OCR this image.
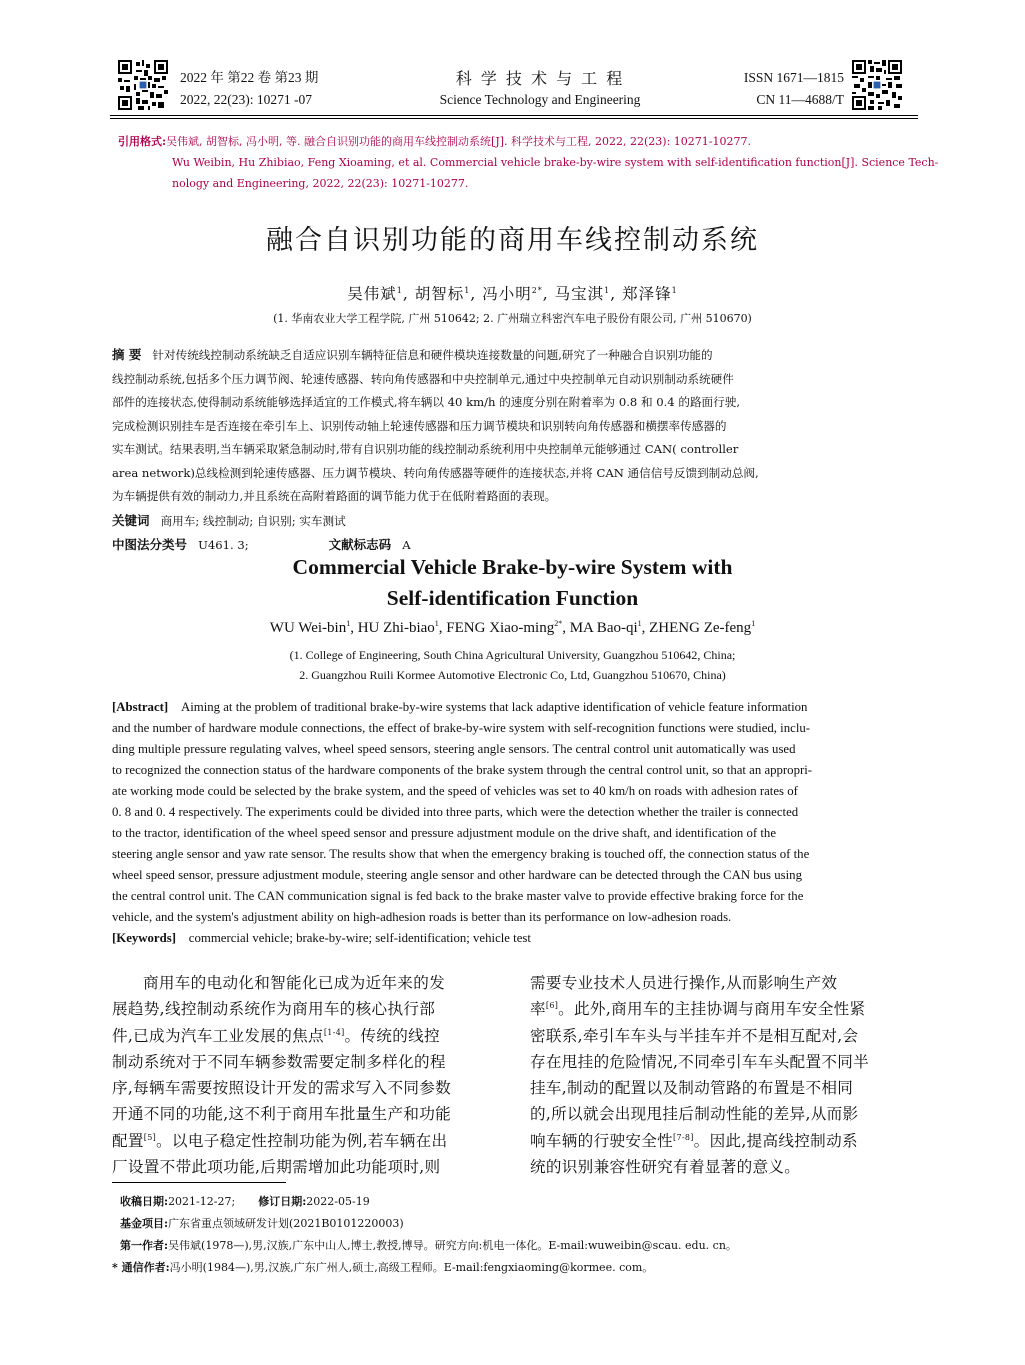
2022 年 第22 卷 第23 期
2022, 22(23): 10271 -07
科 学 技 术 与 工 程
Science Technology and Engineering
ISSN 1671—1815
CN 11—4688/T
引用格式:吴伟斌, 胡智标, 冯小明, 等. 融合自识别功能的商用车线控制动系统[J]. 科学技术与工程, 2022, 22(23): 10271-10277.
Wu Weibin, Hu Zhibiao, Feng Xioaming, et al. Commercial vehicle brake-by-wire system with self-identification function[J]. Science Tech-
nology and Engineering, 2022, 22(23): 10271-10277.
融合自识别功能的商用车线控制动系统
吴伟斌$^1$, 胡智标$^1$, 冯小明$^{2*}$, 马宝淇$^1$, 郑泽锋$^1$
(1. 华南农业大学工程学院, 广州 510642; 2. 广州瑞立科密汽车电子股份有限公司, 广州 510670)
摘 要 针对传统线控制动系统缺乏自适应识别车辆特征信息和硬件模块连接数量的问题,研究了一种融合自识别功能的
线控制动系统,包括多个压力调节阀、轮速传感器、转向角传感器和中央控制单元,通过中央控制单元自动识别制动系统硬件
部件的连接状态,使得制动系统能够选择适宜的工作模式,将车辆以 40 km/h 的速度分别在附着率为 0.8 和 0.4 的路面行驶,
完成检测识别挂车是否连接在牵引车上、识别传动轴上轮速传感器和压力调节模块和识别转向角传感器和横摆率传感器的
实车测试。结果表明,当车辆采取紧急制动时,带有自识别功能的线控制动系统利用中央控制单元能够通过 CAN( controller
area network)总线检测到轮速传感器、压力调节模块、转向角传感器等硬件的连接状态,并将 CAN 通信信号反馈到制动总阀,
为车辆提供有效的制动力,并且系统在高附着路面的调节能力优于在低附着路面的表现。
关键词 商用车; 线控制动; 自识别; 实车测试
中图法分类号 U461. 3;	文献标志码 A
Commercial Vehicle Brake-by-wire System with
Self-identification Function
WU Wei-bin$^1$, HU Zhi-biao$^1$, FENG Xiao-ming$^{2*}$, MA Bao-$qi^1$, ZHENG Ze-feng$^1$
(1. College of Engineering, South China Agricultural University, Guangzhou 510642, China;
2. Guangzhou Ruili Kormee Automotive Electronic Co, Ltd, Guangzhou 510670, China)
[Abstract] Aiming at the problem of traditional brake-by-wire systems that lack adaptive identification of vehicle feature information
and the number of hardware module connections, the effect of brake-by-wire system with self-recognition functions were studied, inclu-
ding multiple pressure regulating valves, wheel speed sensors, steering angle sensors. The central control unit automatically was used
to recognized the connection status of the hardware components of the brake system through the central control unit, so that an appropri-
ate working mode could be selected by the brake system, and the speed of vehicles was set to 40 km/h on roads with adhesion rates of
0. 8 and 0. 4 respectively. The experiments could be divided into three parts, which were the detection whether the trailer is connected
to the tractor, identification of the wheel speed sensor and pressure adjustment module on the drive shaft, and identification of the
steering angle sensor and yaw rate sensor. The results show that when the emergency braking is touched off, the connection status of the
wheel speed sensor, pressure adjustment module, steering angle sensor and other hardware can be detected through the CAN bus using
the central control unit. The CAN communication signal is fed back to the brake master valve to provide effective braking force for the
vehicle, and the system's adjustment ability on high-adhesion roads is better than its performance on low-adhesion roads.
[Keywords] commercial vehicle; brake-by-wire; self-identification; vehicle test
商用车的电动化和智能化已成为近年来的发
展趋势,线控制动系统作为商用车的核心执行部
件,已成为汽车工业发展的焦点[1-4]。传统的线控
制动系统对于不同车辆参数需要定制多样化的程
序,每辆车需要按照设计开发的需求写入不同参数
开通不同的功能,这不利于商用车批量生产和功能
配置[5]。以电子稳定性控制功能为例,若车辆在出
厂设置不带此项功能,后期需增加此功能项时,则
需要专业技术人员进行操作,从而影响生产效
率[6]。此外,商用车的主挂协调与商用车安全性紧
密联系,牵引车车头与半挂车并不是相互配对,会
存在甩挂的危险情况,不同牵引车车头配置不同半
挂车,制动的配置以及制动管路的布置是不相同
的,所以就会出现甩挂后制动性能的差异,从而影
响车辆的行驶安全性[7-8]。因此,提高线控制动系
统的识别兼容性研究有着显著的意义。
收稿日期:2021-12-27; 修订日期:2022-05-19
基金项目:广东省重点领域研发计划(2021B0101220003)
第一作者:吴伟斌(1978—),男,汉族,广东中山人,博士,教授,博导。研究方向:机电一体化。E-mail:wuweibin@scau. edu. cn。
* 通信作者:冯小明(1984—),男,汉族,广东广州人,硕士,高级工程师。E-mail:fengxiaoming@kormee. com。
